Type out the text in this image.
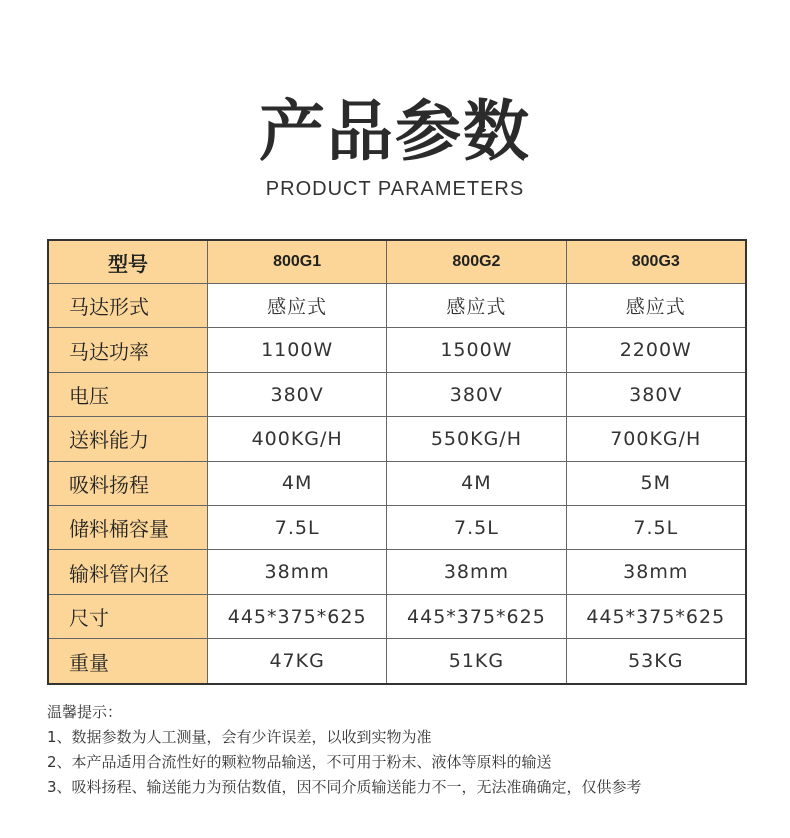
产品参数
PRODUCT PARAMETERS
型号	800G1	800G2	800G3
马达形式	感应式	感应式	感应式
马达功率	1100W	1500W	2200W
电压	380V	380V	380V
送料能力	400KG/H	550KG/H	700KG/H
吸料扬程	4M	4M	5M
储料桶容量	7.5L	7.5L	7.5L
输料管内径	38mm	38mm	38mm
尺寸	445*375*625	445*375*625	445*375*625
重量	47KG	51KG	53KG
温馨提示：
1、数据参数为人工测量，会有少许误差，以收到实物为准
2、本产品适用合流性好的颗粒物品输送，不可用于粉末、液体等原料的输送
3、吸料扬程、输送能力为预估数值，因不同介质输送能力不一，无法准确确定，仅供参考
